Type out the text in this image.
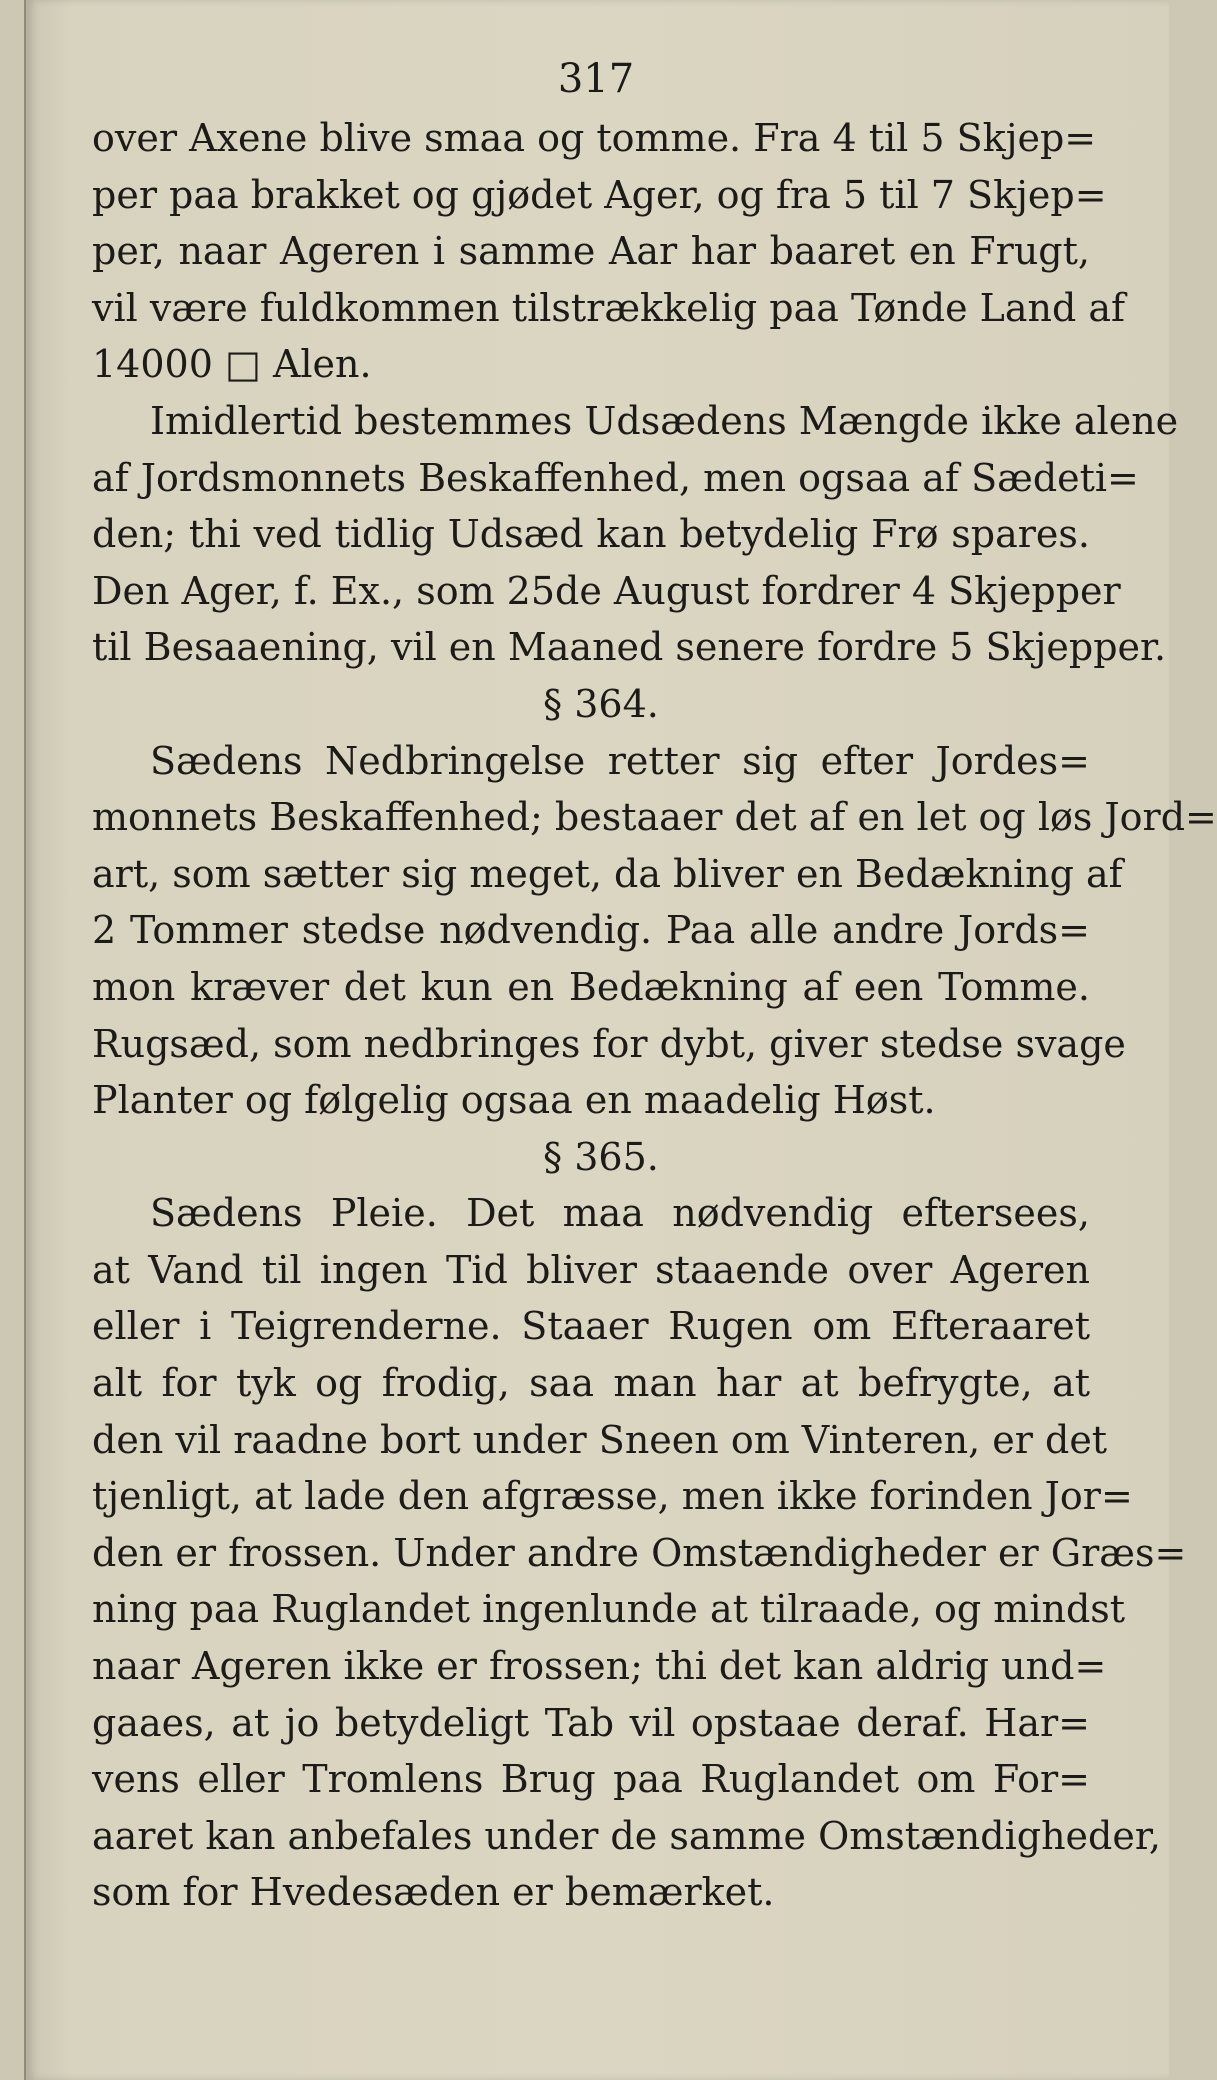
317
over Axene blive smaa og tomme. Fra 4 til 5 Skjep=
per paa brakket og gjødet Ager, og fra 5 til 7 Skjep=
per, naar Ageren i samme Aar har baaret en Frugt,
vil være fuldkommen tilstrækkelig paa Tønde Land af
14000 □ Alen.
Imidlertid bestemmes Udsædens Mængde ikke alene
af Jordsmonnets Beskaffenhed, men ogsaa af Sædeti=
den; thi ved tidlig Udsæd kan betydelig Frø spares.
Den Ager, f. Ex., som 25de August fordrer 4 Skjepper
til Besaaening, vil en Maaned senere fordre 5 Skjepper.
§ 364.
Sædens Nedbringelse retter sig efter Jordes=
monnets Beskaffenhed; bestaaer det af en let og løs Jord=
art, som sætter sig meget, da bliver en Bedækning af
2 Tommer stedse nødvendig. Paa alle andre Jords=
mon kræver det kun en Bedækning af een Tomme.
Rugsæd, som nedbringes for dybt, giver stedse svage
Planter og følgelig ogsaa en maadelig Høst.
§ 365.
Sædens Pleie. Det maa nødvendig eftersees,
at Vand til ingen Tid bliver staaende over Ageren
eller i Teigrenderne. Staaer Rugen om Efteraaret
alt for tyk og frodig, saa man har at befrygte, at
den vil raadne bort under Sneen om Vinteren, er det
tjenligt, at lade den afgræsse, men ikke forinden Jor=
den er frossen. Under andre Omstændigheder er Græs=
ning paa Ruglandet ingenlunde at tilraade, og mindst
naar Ageren ikke er frossen; thi det kan aldrig und=
gaaes, at jo betydeligt Tab vil opstaae deraf. Har=
vens eller Tromlens Brug paa Ruglandet om For=
aaret kan anbefales under de samme Omstændigheder,
som for Hvedesæden er bemærket.
